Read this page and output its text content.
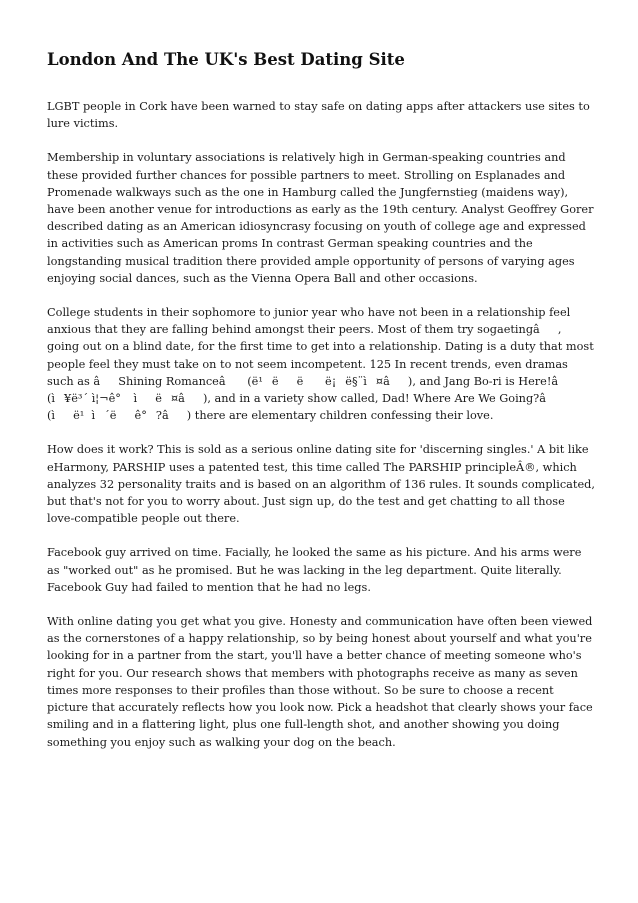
London And The UK's Best Dating Site

LGBT people in Cork have been warned to stay safe on dating apps after attackers use sites to lure victims.

Membership in voluntary associations is relatively high in German-speaking countries and these provided further chances for possible partners to meet. Strolling on Esplanades and Promenade walkways such as the one in Hamburg called the Jungfernstieg (maidens way), have been another venue for introductions as early as the 19th century. Analyst Geoffrey Gorer described dating as an American idiosyncrasy focusing on youth of college age and expressed in activities such as American proms In contrast German speaking countries and the longstanding musical tradition there provided ample opportunity of persons of varying ages enjoying social dances, such as the Vienna Opera Ball and other occasions.

College students in their sophomore to junior year who have not been in a relationship feel anxious that they are falling behind amongst their peers. Most of them try sogaetingâ, going out on a blind date, for the first time to get into a relationship. Dating is a duty that most people feel they must take on to not seem incompetent. 125 In recent trends, even dramas such as âShining Romanceâ (ë¹ëë ë¡ë§¨ì¤â), and Jang Bo-ri is Here!â (ì¥ë³´ ì¦¬ê° ìë¤â), and in a variety show called, Dad! Where Are We Going?â (ìë¹  ì´ëê°?â) there are elementary children confessing their love.

How does it work? This is sold as a serious online dating site for 'discerning singles.' A bit like eHarmony, PARSHIP uses a patented test, this time called The PARSHIP principleÂ®, which analyzes 32 personality traits and is based on an algorithm of 136 rules. It sounds complicated, but that's not for you to worry about. Just sign up, do the test and get chatting to all those love-compatible people out there.

Facebook guy arrived on time. Facially, he looked the same as his picture. And his arms were as "worked out" as he promised. But he was lacking in the leg department. Quite literally. Facebook Guy had failed to mention that he had no legs.

With online dating you get what you give. Honesty and communication have often been viewed as the cornerstones of a happy relationship, so by being honest about yourself and what you're looking for in a partner from the start, you'll have a better chance of meeting someone who's right for you. Our research shows that members with photographs receive as many as seven times more responses to their profiles than those without. So be sure to choose a recent picture that accurately reflects how you look now. Pick a headshot that clearly shows your face smiling and in a flattering light, plus one full-length shot, and another showing you doing something you enjoy such as walking your dog on the beach.
